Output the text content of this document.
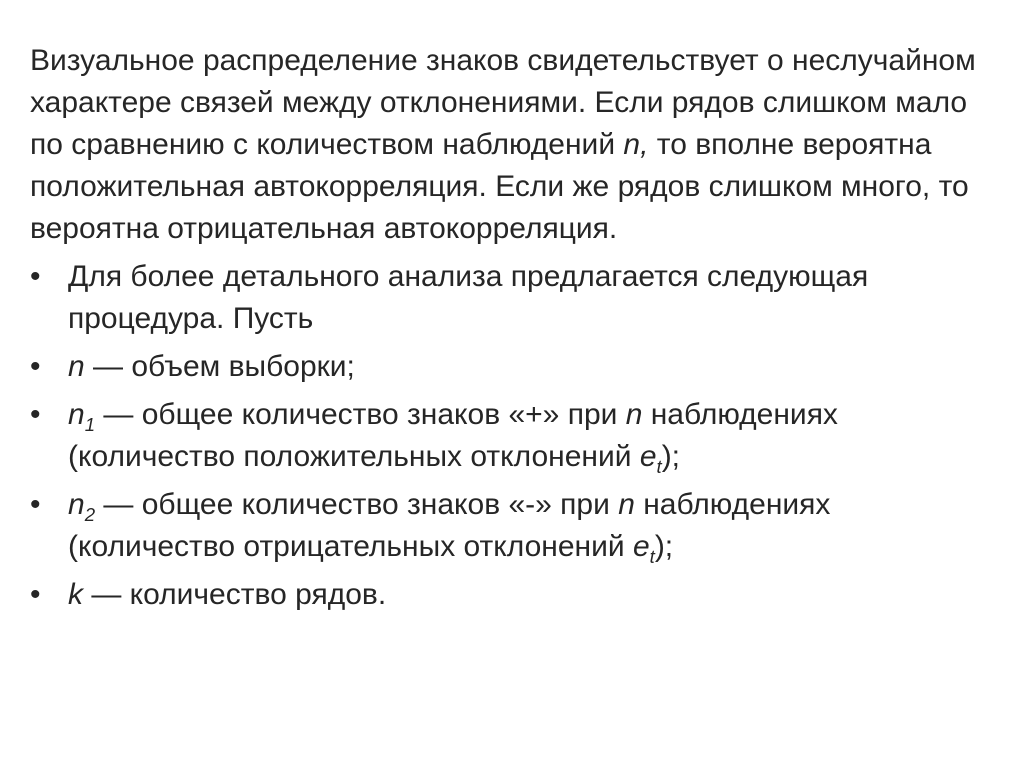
Визуальное распределение знаков свидетельствует о неслучайном характере связей между отклонениями. Если рядов слишком мало по сравнению с количеством наблюдений n, то вполне вероятна положительная автокорреляция. Если же рядов слишком много, то вероятна отрицательная автокорреляция.
• Для более детального анализа предлагается следующая процедура. Пусть
• n — объем выборки;
• $n_1$ — общее количество знаков «+» при n наблюдениях (количество положительных отклонений $e_t$);
• $n_2$ — общее количество знаков «-» при n наблюдениях (количество отрицательных отклонений $e_t$);
• k — количество рядов.
